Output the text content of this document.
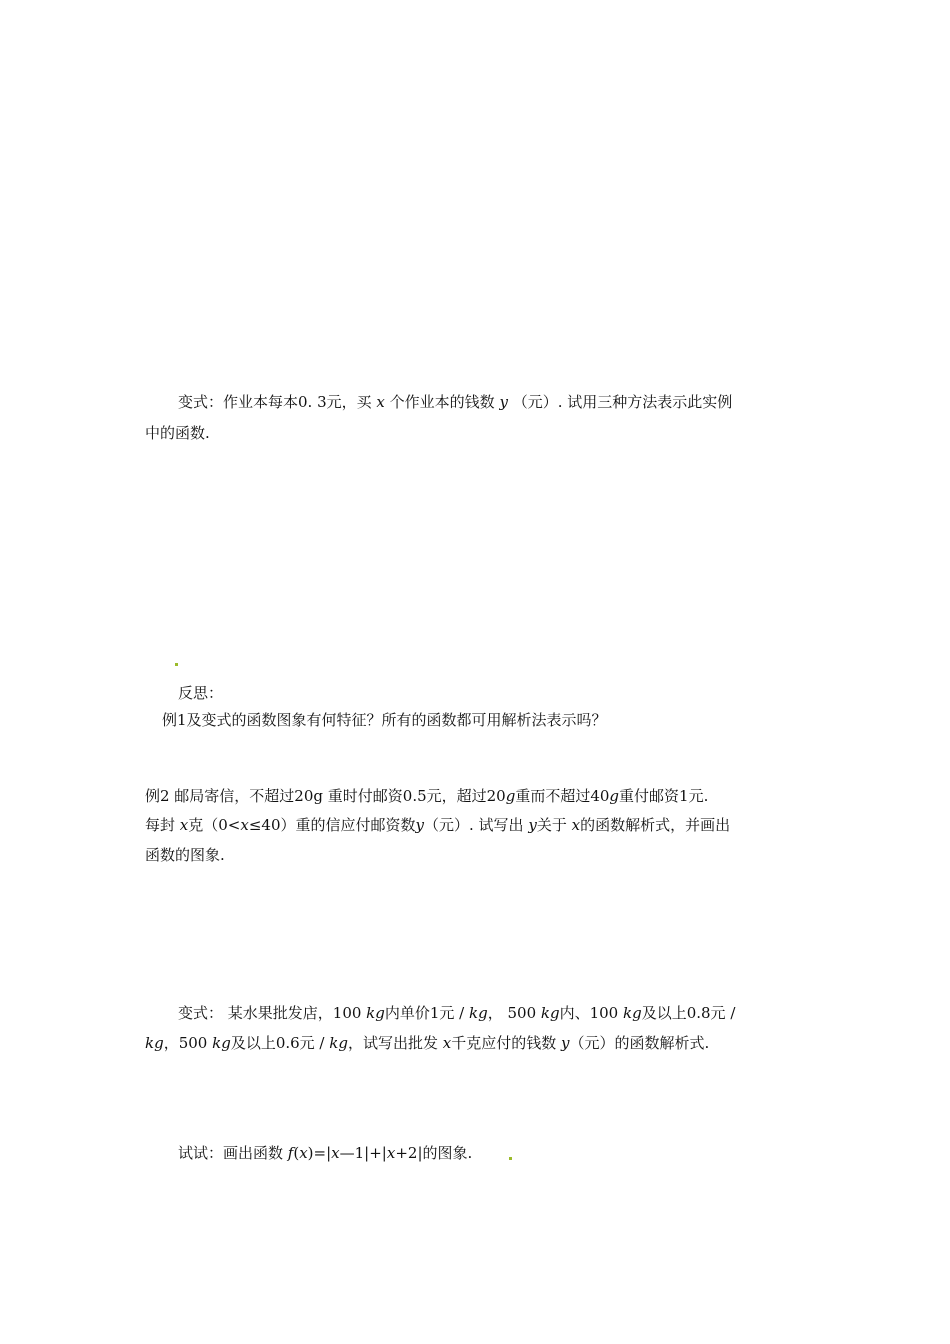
变式：作业本每本0. 3元，买 x 个作业本的钱数 y （元）. 试用三种方法表示此实例
中的函数.
反思：
例1及变式的函数图象有何特征？所有的函数都可用解析法表示吗？
例2 邮局寄信，不超过20g 重时付邮资0.5元，超过20g重而不超过40g重付邮资1元.
每封 x克（0<x≤40）重的信应付邮资数y（元）. 试写出 y关于 x的函数解析式，并画出
函数的图象.
变式： 某水果批发店，100 kg内单价1元 / kg， 500 kg内、100 kg及以上0.8元 /
kg，500 kg及以上0.6元 / kg，试写出批发 x千克应付的钱数 y（元）的函数解析式.
试试：画出函数 f(x)=|x—1|+|x+2|的图象.
